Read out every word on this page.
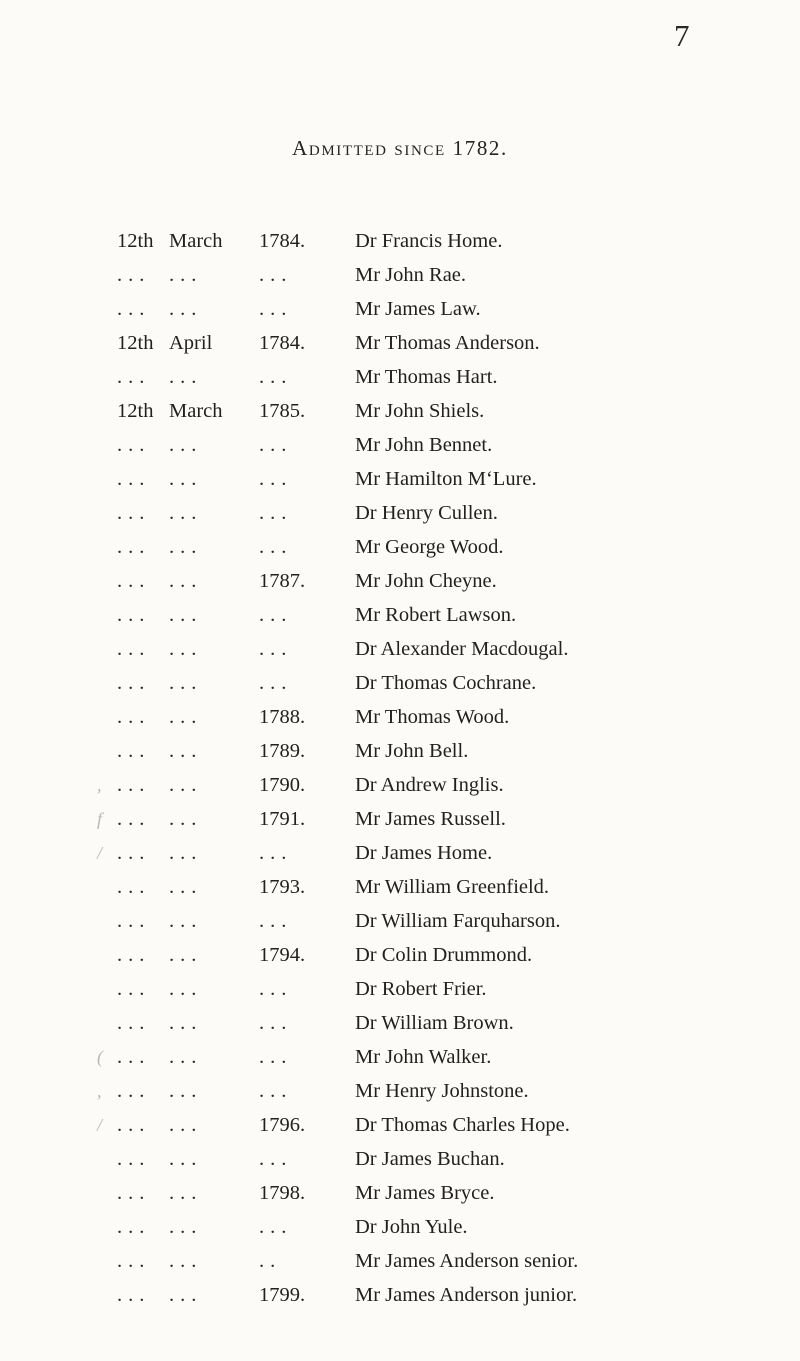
7
Admitted since 1782.
12th March	1784.	Dr Francis Home.
... ...	...	Mr John Rae.
... ...	...	Mr James Law.
12th April	1784.	Mr Thomas Anderson.
... ...	...	Mr Thomas Hart.
12th March	1785.	Mr John Shiels.
... ...	...	Mr John Bennet.
... ...	...	Mr Hamilton M‘Lure.
... ...	...	Dr Henry Cullen.
... ...	...	Mr George Wood.
... ...	1787.	Mr John Cheyne.
... ...	...	Mr Robert Lawson.
... ...	...	Dr Alexander Macdougal.
... ...	...	Dr Thomas Cochrane.
... ...	1788.	Mr Thomas Wood.
... ...	1789.	Mr John Bell.
, ... ...	1790.	Dr Andrew Inglis.
f ... ...	1791.	Mr James Russell.
/ ... ...	...	Dr James Home.
... ...	1793.	Mr William Greenfield.
... ...	...	Dr William Farquharson.
... ...	1794.	Dr Colin Drummond.
... ...	...	Dr Robert Frier.
... ...	...	Dr William Brown.
( ... ...	...	Mr John Walker.
, ... ...	...	Mr Henry Johnstone.
/ ... ...	1796.	Dr Thomas Charles Hope.
... ...	...	Dr James Buchan.
... ...	1798.	Mr James Bryce.
... ...	...	Dr John Yule.
... ...	..	Mr James Anderson senior.
... ...	1799.	Mr James Anderson junior.
